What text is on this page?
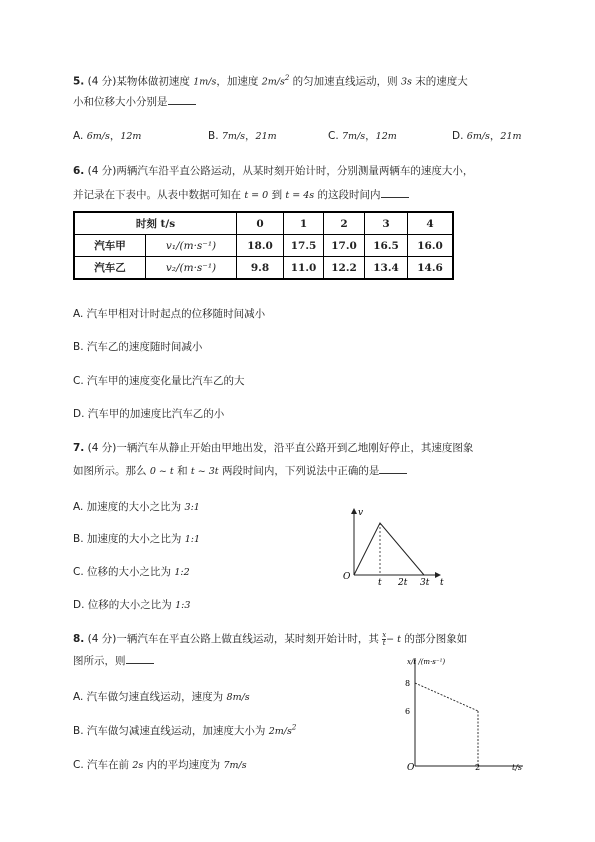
5. (4 分)某物体做初速度 1m/s，加速度 $2m/s^2$ 的匀加速直线运动，则 3s 末的速度大
小和位移大小分别是
A. 6m/s，12m	B. 7m/s，21m	C. 7m/s，12m	D. 6m/s，21m
6. (4 分)两辆汽车沿平直公路运动，从某时刻开始计时，分别测量两辆车的速度大小，
并记录在下表中。从表中数据可知在 t = 0 到 t = 4s 的这段时间内
时刻 t/s		0	1	2	3	4
汽车甲	v₁/(m·s⁻¹)	18.0	17.5	17.0	16.5	16.0
汽车乙	v₂/(m·s⁻¹)	9.8	11.0	12.2	13.4	14.6
A. 汽车甲相对计时起点的位移随时间减小
B. 汽车乙的速度随时间减小
C. 汽车甲的速度变化量比汽车乙的大
D. 汽车甲的加速度比汽车乙的小
7. (4 分)一辆汽车从静止开始由甲地出发，沿平直公路开到乙地刚好停止，其速度图象
如图所示。那么 0 ~ t 和 t ~ 3t 两段时间内，下列说法中正确的是
A. 加速度的大小之比为 3:1
B. 加速度的大小之比为 1:1
C. 位移的大小之比为 1:2
D. 位移的大小之比为 1:3
v
O
t 2t 3t t
8. (4 分)一辆汽车在平直公路上做直线运动，某时刻开始计时，其 $\frac{x}{t} - t$ 的部分图象如
图所示，则
A. 汽车做匀速直线运动，速度为 8m/s
B. 汽车做匀减速直线运动，加速度大小为 $2m/s^2$
C. 汽车在前 2s 内的平均速度为 7m/s
x/t /(m·s⁻¹)
8
6
O	2	t/s
